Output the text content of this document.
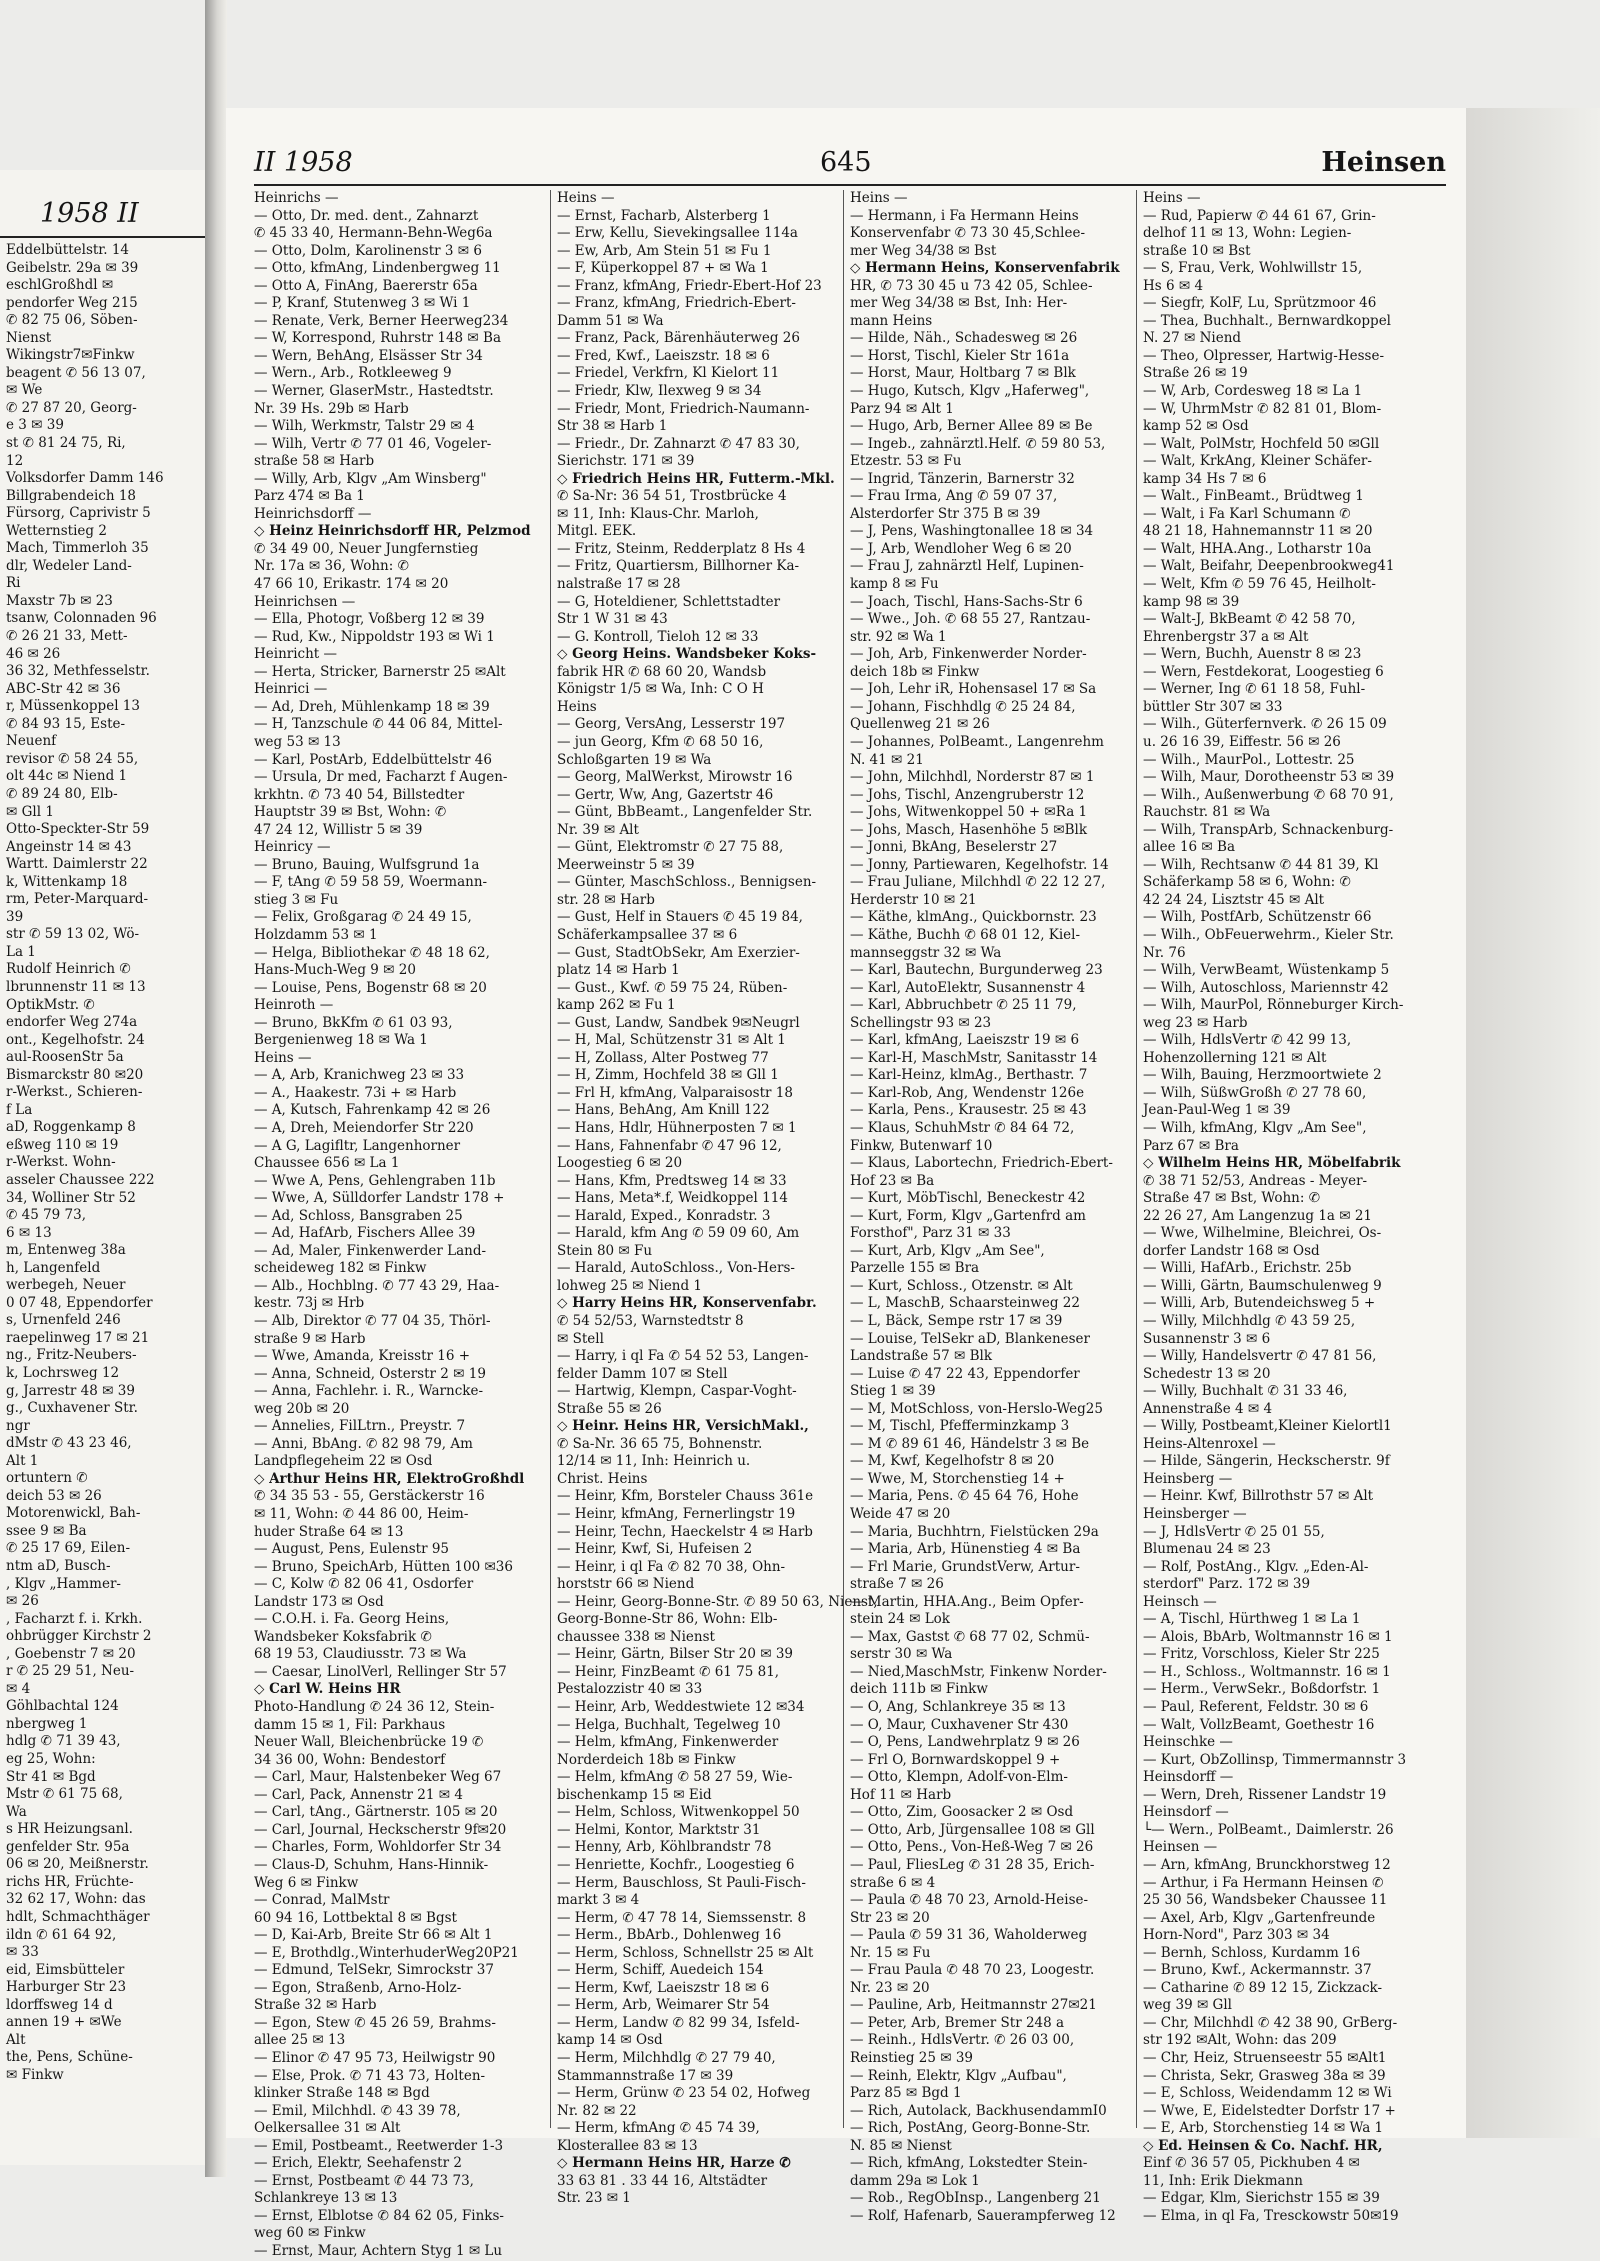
Eddelbüttelstr. 14

Geibelstr. 29a ✉ 39

eschlGroßhdl ✉

pendorfer Weg 215

✆ 82 75 06, Söben-

Nienst

Wikingstr7✉Finkw

beagent ✆ 56 13 07,

✉ We

✆ 27 87 20, Georg-

e 3 ✉ 39

st ✆ 81 24 75, Ri,

12

Volksdorfer Damm 146

Billgrabendeich 18

Fürsorg, Caprivistr 5

Wetternstieg 2

Mach, Timmerloh 35

dlr, Wedeler Land-

Ri

Maxstr 7b ✉ 23

tsanw, Colonnaden 96

✆ 26 21 33, Mett-

46 ✉ 26

36 32, Methfesselstr.

ABC-Str 42 ✉ 36

r, Müssenkoppel 13

✆ 84 93 15, Este-

Neuenf

revisor ✆ 58 24 55,

olt 44c ✉ Niend 1

✆ 89 24 80, Elb-

✉ Gll 1

Otto-Speckter-Str 59

Angeinstr 14 ✉ 43

Wartt. Daimlerstr 22

k, Wittenkamp 18

rm, Peter-Marquard-

39

str ✆ 59 13 02, Wö-

La 1

Rudolf Heinrich ✆

lbrunnenstr 11 ✉ 13

OptikMstr. ✆

endorfer Weg 274a

ont., Kegelhofstr. 24

aul-RoosenStr 5a

Bismarckstr 80 ✉20

r-Werkst., Schieren-

f La

aD, Roggenkamp 8

eßweg 110 ✉ 19

r-Werkst. Wohn-

asseler Chaussee 222

34, Wolliner Str 52

✆ 45 79 73,

6 ✉ 13

m, Entenweg 38a

h, Langenfeld

werbegeh, Neuer

0 07 48, Eppendorfer

s, Urnenfeld 246

raepelinweg 17 ✉ 21

ng., Fritz-Neubers-

k, Lochrsweg 12

g, Jarrestr 48 ✉ 39

g., Cuxhavener Str.

ngr

dMstr ✆ 43 23 46,

Alt 1

ortuntern ✆

deich 53 ✉ 26

Motorenwickl, Bah-

ssee 9 ✉ Ba

✆ 25 17 69, Eilen-

ntm aD, Busch-

, Klgv „Hammer-

✉ 26

, Facharzt f. i. Krkh.

ohbrügger Kirchstr 2

, Goebenstr 7 ✉ 20

r ✆ 25 29 51, Neu-

✉ 4

Göhlbachtal 124

nbergweg 1

hdlg ✆ 71 39 43,

eg 25, Wohn:

Str 41 ✉ Bgd

Mstr ✆ 61 75 68,

Wa

s HR Heizungsanl.

genfelder Str. 95a

06 ✉ 20, Meißnerstr.

richs HR, Früchte-

32 62 17, Wohn: das

hdlt, Schmachthäger

ildn ✆ 61 64 92,

✉ 33

eid, Eimsbütteler

Harburger Str 23

ldorffsweg 14 d

annen 19 + ✉We

Alt

the, Pens, Schüne-

✉ Finkw

1958 II
II 1958	645	Heinsen

Heinrichs —

— Otto, Dr. med. dent., Zahnarzt

✆ 45 33 40, Hermann-Behn-Weg6a

— Otto, Dolm, Karolinenstr 3 ✉ 6

— Otto, kfmAng, Lindenbergweg 11

— Otto A, FinAng, Baererstr 65a

— P, Kranf, Stutenweg 3 ✉ Wi 1

— Renate, Verk, Berner Heerweg234

— W, Korrespond, Ruhrstr 148 ✉ Ba

— Wern, BehAng, Elsässer Str 34

— Wern., Arb., Rotkleeweg 9

— Werner, GlaserMstr., Hastedtstr.

Nr. 39 Hs. 29b ✉ Harb

— Wilh, Werkmstr, Talstr 29 ✉ 4

— Wilh, Vertr ✆ 77 01 46, Vogeler-

straße 58 ✉ Harb

— Willy, Arb, Klgv „Am Winsberg"

Parz 474 ✉ Ba 1

Heinrichsdorff —

◇ Heinz Heinrichsdorff HR, Pelzmod

✆ 34 49 00, Neuer Jungfernstieg

Nr. 17a ✉ 36, Wohn: ✆

47 66 10, Erikastr. 174 ✉ 20

Heinrichsen —

— Ella, Photogr, Voßberg 12 ✉ 39

— Rud, Kw., Nippoldstr 193 ✉ Wi 1

Heinricht —

— Herta, Stricker, Barnerstr 25 ✉Alt

Heinrici —

— Ad, Dreh, Mühlenkamp 18 ✉ 39

— H, Tanzschule ✆ 44 06 84, Mittel-

weg 53 ✉ 13

— Karl, PostArb, Eddelbüttelstr 46

— Ursula, Dr med, Facharzt f Augen-

krkhtn. ✆ 73 40 54, Billstedter

Hauptstr 39 ✉ Bst, Wohn: ✆

47 24 12, Willistr 5 ✉ 39

Heinricy —

— Bruno, Bauing, Wulfsgrund 1a

— F, tAng ✆ 59 58 59, Woermann-

stieg 3 ✉ Fu

— Felix, Großgarag ✆ 24 49 15,

Holzdamm 53 ✉ 1

— Helga, Bibliothekar ✆ 48 18 62,

Hans-Much-Weg 9 ✉ 20

— Louise, Pens, Bogenstr 68 ✉ 20

Heinroth —

— Bruno, BkKfm ✆ 61 03 93,

Bergenienweg 18 ✉ Wa 1

Heins —

— A, Arb, Kranichweg 23 ✉ 33

— A., Haakestr. 73i + ✉ Harb

— A, Kutsch, Fahrenkamp 42 ✉ 26

— A, Dreh, Meiendorfer Str 220

— A G, Lagifltr, Langenhorner

Chaussee 656 ✉ La 1

— Wwe A, Pens, Gehlengraben 11b

— Wwe, A, Sülldorfer Landstr 178 +

— Ad, Schloss, Bansgraben 25

— Ad, HafArb, Fischers Allee 39

— Ad, Maler, Finkenwerder Land-

scheideweg 182 ✉ Finkw

— Alb., Hochblng. ✆ 77 43 29, Haa-

kestr. 73j ✉ Hrb

— Alb, Direktor ✆ 77 04 35, Thörl-

straße 9 ✉ Harb

— Wwe, Amanda, Kreisstr 16 +

— Anna, Schneid, Osterstr 2 ✉ 19

— Anna, Fachlehr. i. R., Warncke-

weg 20b ✉ 20

— Annelies, FilLtrn., Preystr. 7

— Anni, BbAng. ✆ 82 98 79, Am

Landpflegeheim 22 ✉ Osd

◇ Arthur Heins HR, ElektroGroßhdl

✆ 34 35 53 - 55, Gerstäckerstr 16

✉ 11, Wohn: ✆ 44 86 00, Heim-

huder Straße 64 ✉ 13

— August, Pens, Eulenstr 95

— Bruno, SpeichArb, Hütten 100 ✉36

— C, Kolw ✆ 82 06 41, Osdorfer

Landstr 173 ✉ Osd

— C.O.H. i. Fa. Georg Heins,

Wandsbeker Koksfabrik ✆

68 19 53, Claudiusstr. 73 ✉ Wa

— Caesar, LinolVerl, Rellinger Str 57

◇ Carl W. Heins HR

Photo-Handlung ✆ 24 36 12, Stein-

damm 15 ✉ 1, Fil: Parkhaus

Neuer Wall, Bleichenbrücke 19 ✆

34 36 00, Wohn: Bendestorf

— Carl, Maur, Halstenbeker Weg 67

— Carl, Pack, Annenstr 21 ✉ 4

— Carl, tAng., Gärtnerstr. 105 ✉ 20

— Carl, Journal, Heckscherstr 9f✉20

— Charles, Form, Wohldorfer Str 34

— Claus-D, Schuhm, Hans-Hinnik-

Weg 6 ✉ Finkw

— Conrad, MalMstr

60 94 16, Lottbektal 8 ✉ Bgst

— D, Kai-Arb, Breite Str 66 ✉ Alt 1

— E, Brothdlg.,WinterhuderWeg20P21

— Edmund, TelSekr, Simrockstr 37

— Egon, Straßenb, Arno-Holz-

Straße 32 ✉ Harb

— Egon, Stew ✆ 45 26 59, Brahms-

allee 25 ✉ 13

— Elinor ✆ 47 95 73, Heilwigstr 90

— Else, Prok. ✆ 71 43 73, Holten-

klinker Straße 148 ✉ Bgd

— Emil, Milchhdl. ✆ 43 39 78,

Oelkersallee 31 ✉ Alt

— Emil, Postbeamt., Reetwerder 1-3

— Erich, Elektr, Seehafenstr 2

— Ernst, Postbeamt ✆ 44 73 73,

Schlankreye 13 ✉ 13

— Ernst, Elblotse ✆ 84 62 05, Finks-

weg 60 ✉ Finkw

— Ernst, Maur, Achtern Styg 1 ✉ Lu

Heins —

— Ernst, Facharb, Alsterberg 1

— Erw, Kellu, Sievekingsallee 114a

— Ew, Arb, Am Stein 51 ✉ Fu 1

— F, Küperkoppel 87 + ✉ Wa 1

— Franz, kfmAng, Friedr-Ebert-Hof 23

— Franz, kfmAng, Friedrich-Ebert-

Damm 51 ✉ Wa

— Franz, Pack, Bärenhäuterweg 26

— Fred, Kwf., Laeiszstr. 18 ✉ 6

— Friedel, Verkfrn, Kl Kielort 11

— Friedr, Klw, Ilexweg 9 ✉ 34

— Friedr, Mont, Friedrich-Naumann-

Str 38 ✉ Harb 1

— Friedr., Dr. Zahnarzt ✆ 47 83 30,

Sierichstr. 171 ✉ 39

◇ Friedrich Heins HR, Futterm.-Mkl.

✆ Sa-Nr: 36 54 51, Trostbrücke 4

✉ 11, Inh: Klaus-Chr. Marloh,

Mitgl. EEK.

— Fritz, Steinm, Redderplatz 8 Hs 4

— Fritz, Quartiersm, Billhorner Ka-

nalstraße 17 ✉ 28

— G, Hoteldiener, Schlettstadter

Str 1 W 31 ✉ 43

— G. Kontroll, Tieloh 12 ✉ 33

◇ Georg Heins. Wandsbeker Koks-

fabrik HR ✆ 68 60 20, Wandsb

Königstr 1/5 ✉ Wa, Inh: C O H

Heins

— Georg, VersAng, Lesserstr 197

— jun Georg, Kfm ✆ 68 50 16,

Schloßgarten 19 ✉ Wa

— Georg, MalWerkst, Mirowstr 16

— Gertr, Ww, Ang, Gazertstr 46

— Günt, BbBeamt., Langenfelder Str.

Nr. 39 ✉ Alt

— Günt, Elektromstr ✆ 27 75 88,

Meerweinstr 5 ✉ 39

— Günter, MaschSchloss., Bennigsen-

str. 28 ✉ Harb

— Gust, Helf in Stauers ✆ 45 19 84,

Schäferkampsallee 37 ✉ 6

— Gust, StadtObSekr, Am Exerzier-

platz 14 ✉ Harb 1

— Gust., Kwf. ✆ 59 75 24, Rüben-

kamp 262 ✉ Fu 1

— Gust, Landw, Sandbek 9✉Neugrl

— H, Mal, Schützenstr 31 ✉ Alt 1

— H, Zollass, Alter Postweg 77

— H, Zimm, Hochfeld 38 ✉ Gll 1

— Frl H, kfmAng, Valparaisostr 18

— Hans, BehAng, Am Knill 122

— Hans, Hdlr, Hühnerposten 7 ✉ 1

— Hans, Fahnenfabr ✆ 47 96 12,

Loogestieg 6 ✉ 20

— Hans, Kfm, Predtsweg 14 ✉ 33

— Hans, Meta*.f, Weidkoppel 114

— Harald, Exped., Konradstr. 3

— Harald, kfm Ang ✆ 59 09 60, Am

Stein 80 ✉ Fu

— Harald, AutoSchloss., Von-Hers-

lohweg 25 ✉ Niend 1

◇ Harry Heins HR, Konservenfabr.

✆ 54 52/53, Warnstedtstr 8

✉ Stell

— Harry, i ql Fa ✆ 54 52 53, Langen-

felder Damm 107 ✉ Stell

— Hartwig, Klempn, Caspar-Voght-

Straße 55 ✉ 26

◇ Heinr. Heins HR, VersichMakl.,

✆ Sa-Nr. 36 65 75, Bohnenstr.

12/14 ✉ 11, Inh: Heinrich u.

Christ. Heins

— Heinr, Kfm, Borsteler Chauss 361e

— Heinr, kfmAng, Fernerlingstr 19

— Heinr, Techn, Haeckelstr 4 ✉ Harb

— Heinr, Kwf, Si, Hufeisen 2

— Heinr, i ql Fa ✆ 82 70 38, Ohn-

horststr 66 ✉ Niend

— Heinr, Georg-Bonne-Str. ✆ 89 50 63, Nienst,

Georg-Bonne-Str 86, Wohn: Elb-

chaussee 338 ✉ Nienst

— Heinr, Gärtn, Bilser Str 20 ✉ 39

— Heinr, FinzBeamt ✆ 61 75 81,

Pestalozzistr 40 ✉ 33

— Heinr, Arb, Weddestwiete 12 ✉34

— Helga, Buchhalt, Tegelweg 10

— Helm, kfmAng, Finkenwerder

Norderdeich 18b ✉ Finkw

— Helm, kfmAng ✆ 58 27 59, Wie-

bischenkamp 15 ✉ Eid

— Helm, Schloss, Witwenkoppel 50

— Helmi, Kontor, Marktstr 31

— Henny, Arb, Köhlbrandstr 78

— Henriette, Kochfr., Loogestieg 6

— Herm, Bauschloss, St Pauli-Fisch-

markt 3 ✉ 4

— Herm, ✆ 47 78 14, Siemssenstr. 8

— Herm., BbArb., Dohlenweg 16

— Herm, Schloss, Schnellstr 25 ✉ Alt

— Herm, Schiff, Auedeich 154

— Herm, Kwf, Laeiszstr 18 ✉ 6

— Herm, Arb, Weimarer Str 54

— Herm, Landw ✆ 82 99 34, Isfeld-

kamp 14 ✉ Osd

— Herm, Milchhdlg ✆ 27 79 40,

Stammannstraße 17 ✉ 39

— Herm, Grünw ✆ 23 54 02, Hofweg

Nr. 82 ✉ 22

— Herm, kfmAng ✆ 45 74 39,

Klosterallee 83 ✉ 13

◇ Hermann Heins HR, Harze ✆

33 63 81 . 33 44 16, Altstädter

Str. 23 ✉ 1

Heins —

— Hermann, i Fa Hermann Heins

Konservenfabr ✆ 73 30 45,Schlee-

mer Weg 34/38 ✉ Bst

◇ Hermann Heins, Konservenfabrik

HR, ✆ 73 30 45 u 73 42 05, Schlee-

mer Weg 34/38 ✉ Bst, Inh: Her-

mann Heins

— Hilde, Näh., Schadesweg ✉ 26

— Horst, Tischl, Kieler Str 161a

— Horst, Maur, Holtbarg 7 ✉ Blk

— Hugo, Kutsch, Klgv „Haferweg",

Parz 94 ✉ Alt 1

— Hugo, Arb, Berner Allee 89 ✉ Be

— Ingeb., zahnärztl.Helf. ✆ 59 80 53,

Etzestr. 53 ✉ Fu

— Ingrid, Tänzerin, Barnerstr 32

— Frau Irma, Ang ✆ 59 07 37,

Alsterdorfer Str 375 B ✉ 39

— J, Pens, Washingtonallee 18 ✉ 34

— J, Arb, Wendloher Weg 6 ✉ 20

— Frau J, zahnärztl Helf, Lupinen-

kamp 8 ✉ Fu

— Joach, Tischl, Hans-Sachs-Str 6

— Wwe., Joh. ✆ 68 55 27, Rantzau-

str. 92 ✉ Wa 1

— Joh, Arb, Finkenwerder Norder-

deich 18b ✉ Finkw

— Joh, Lehr iR, Hohensasel 17 ✉ Sa

— Johann, Fischhdlg ✆ 25 24 84,

Quellenweg 21 ✉ 26

— Johannes, PolBeamt., Langenrehm

N. 41 ✉ 21

— John, Milchhdl, Norderstr 87 ✉ 1

— Johs, Tischl, Anzengruberstr 12

— Johs, Witwenkoppel 50 + ✉Ra 1

— Johs, Masch, Hasenhöhe 5 ✉Blk

— Jonni, BkAng, Beselerstr 27

— Jonny, Partiewaren, Kegelhofstr. 14

— Frau Juliane, Milchhdl ✆ 22 12 27,

Herderstr 10 ✉ 21

— Käthe, klmAng., Quickbornstr. 23

— Käthe, Buchh ✆ 68 01 12, Kiel-

mannseggstr 32 ✉ Wa

— Karl, Bautechn, Burgunderweg 23

— Karl, AutoElektr, Susannenstr 4

— Karl, Abbruchbetr ✆ 25 11 79,

Schellingstr 93 ✉ 23

— Karl, kfmAng, Laeiszstr 19 ✉ 6

— Karl-H, MaschMstr, Sanitasstr 14

— Karl-Heinz, klmAg., Berthastr. 7

— Karl-Rob, Ang, Wendenstr 126e

— Karla, Pens., Krausestr. 25 ✉ 43

— Klaus, SchuhMstr ✆ 84 64 72,

Finkw, Butenwarf 10

— Klaus, Labortechn, Friedrich-Ebert-

Hof 23 ✉ Ba

— Kurt, MöbTischl, Beneckestr 42

— Kurt, Form, Klgv „Gartenfrd am

Forsthof", Parz 31 ✉ 33

— Kurt, Arb, Klgv „Am See",

Parzelle 155 ✉ Bra

— Kurt, Schloss., Otzenstr. ✉ Alt

— L, MaschB, Schaarsteinweg 22

— L, Bäck, Sempe rstr 17 ✉ 39

— Louise, TelSekr aD, Blankeneser

Landstraße 57 ✉ Blk

— Luise ✆ 47 22 43, Eppendorfer

Stieg 1 ✉ 39

— M, MotSchloss, von-Herslo-Weg25

— M, Tischl, Pfefferminzkamp 3

— M ✆ 89 61 46, Händelstr 3 ✉ Be

— M, Kwf, Kegelhofstr 8 ✉ 20

— Wwe, M, Storchenstieg 14 +

— Maria, Pens. ✆ 45 64 76, Hohe

Weide 47 ✉ 20

— Maria, Buchhtrn, Fielstücken 29a

— Maria, Arb, Hünenstieg 4 ✉ Ba

— Frl Marie, GrundstVerw, Artur-

straße 7 ✉ 26

— Martin, HHA.Ang., Beim Opfer-

stein 24 ✉ Lok

— Max, Gastst ✆ 68 77 02, Schmü-

serstr 30 ✉ Wa

— Nied,MaschMstr, Finkenw Norder-

deich 111b ✉ Finkw

— O, Ang, Schlankreye 35 ✉ 13

— O, Maur, Cuxhavener Str 430

— O, Pens, Landwehrplatz 9 ✉ 26

— Frl O, Bornwardskoppel 9 +

— Otto, Klempn, Adolf-von-Elm-

Hof 11 ✉ Harb

— Otto, Zim, Goosacker 2 ✉ Osd

— Otto, Arb, Jürgensallee 108 ✉ Gll

— Otto, Pens., Von-Heß-Weg 7 ✉ 26

— Paul, FliesLeg ✆ 31 28 35, Erich-

straße 6 ✉ 4

— Paula ✆ 48 70 23, Arnold-Heise-

Str 23 ✉ 20

— Paula ✆ 59 31 36, Waholderweg

Nr. 15 ✉ Fu

— Frau Paula ✆ 48 70 23, Loogestr.

Nr. 23 ✉ 20

— Pauline, Arb, Heitmannstr 27✉21

— Peter, Arb, Bremer Str 248 a

— Reinh., HdlsVertr. ✆ 26 03 00,

Reinstieg 25 ✉ 39

— Reinh, Elektr, Klgv „Aufbau",

Parz 85 ✉ Bgd 1

— Rich, Autolack, BackhusendammI0

— Rich, PostAng, Georg-Bonne-Str.

N. 85 ✉ Nienst

— Rich, kfmAng, Lokstedter Stein-

damm 29a ✉ Lok 1

— Rob., RegObInsp., Langenberg 21

— Rolf, Hafenarb, Sauerampferweg 12

Heins —

— Rud, Papierw ✆ 44 61 67, Grin-

delhof 11 ✉ 13, Wohn: Legien-

straße 10 ✉ Bst

— S, Frau, Verk, Wohlwillstr 15,

Hs 6 ✉ 4

— Siegfr, KolF, Lu, Sprützmoor 46

— Thea, Buchhalt., Bernwardkoppel

N. 27 ✉ Niend

— Theo, Olpresser, Hartwig-Hesse-

Straße 26 ✉ 19

— W, Arb, Cordesweg 18 ✉ La 1

— W, UhrmMstr ✆ 82 81 01, Blom-

kamp 52 ✉ Osd

— Walt, PolMstr, Hochfeld 50 ✉Gll

— Walt, KrkAng, Kleiner Schäfer-

kamp 34 Hs 7 ✉ 6

— Walt., FinBeamt., Brüdtweg 1

— Walt, i Fa Karl Schumann ✆

48 21 18, Hahnemannstr 11 ✉ 20

— Walt, HHA.Ang., Lotharstr 10a

— Walt, Beifahr, Deepenbrookweg41

— Welt, Kfm ✆ 59 76 45, Heilholt-

kamp 98 ✉ 39

— Walt-J, BkBeamt ✆ 42 58 70,

Ehrenbergstr 37 a ✉ Alt

— Wern, Buchh, Auenstr 8 ✉ 23

— Wern, Festdekorat, Loogestieg 6

— Werner, Ing ✆ 61 18 58, Fuhl-

büttler Str 307 ✉ 33

— Wilh., Güterfernverk. ✆ 26 15 09

u. 26 16 39, Eiffestr. 56 ✉ 26

— Wilh., MaurPol., Lottestr. 25

— Wilh, Maur, Dorotheenstr 53 ✉ 39

— Wilh., Außenwerbung ✆ 68 70 91,

Rauchstr. 81 ✉ Wa

— Wilh, TranspArb, Schnackenburg-

allee 16 ✉ Ba

— Wilh, Rechtsanw ✆ 44 81 39, Kl

Schäferkamp 58 ✉ 6, Wohn: ✆

42 24 24, Lisztstr 45 ✉ Alt

— Wilh, PostfArb, Schützenstr 66

— Wilh., ObFeuerwehrm., Kieler Str.

Nr. 76

— Wilh, VerwBeamt, Wüstenkamp 5

— Wilh, Autoschloss, Mariennstr 42

— Wilh, MaurPol, Rönneburger Kirch-

weg 23 ✉ Harb

— Wilh, HdlsVertr ✆ 42 99 13,

Hohenzollerning 121 ✉ Alt

— Wilh, Bauing, Herzmoortwiete 2

— Wilh, SüßwGroßh ✆ 27 78 60,

Jean-Paul-Weg 1 ✉ 39

— Wilh, kfmAng, Klgv „Am See",

Parz 67 ✉ Bra

◇ Wilhelm Heins HR, Möbelfabrik

✆ 38 71 52/53, Andreas - Meyer-

Straße 47 ✉ Bst, Wohn: ✆

22 26 27, Am Langenzug 1a ✉ 21

— Wwe, Wilhelmine, Bleichrei, Os-

dorfer Landstr 168 ✉ Osd

— Willi, HafArb., Erichstr. 25b

— Willi, Gärtn, Baumschulenweg 9

— Willi, Arb, Butendeichsweg 5 +

— Willy, Milchhdlg ✆ 43 59 25,

Susannenstr 3 ✉ 6

— Willy, Handelsvertr ✆ 47 81 56,

Schedestr 13 ✉ 20

— Willy, Buchhalt ✆ 31 33 46,

Annenstraße 4 ✉ 4

— Willy, Postbeamt,Kleiner Kielortl1

Heins-Altenroxel —

— Hilde, Sängerin, Heckscherstr. 9f

Heinsberg —

— Heinr. Kwf, Billrothstr 57 ✉ Alt

Heinsberger —

— J, HdlsVertr ✆ 25 01 55,

Blumenau 24 ✉ 23

— Rolf, PostAng., Klgv. „Eden-Al-

sterdorf" Parz. 172 ✉ 39

Heinsch —

— A, Tischl, Hürthweg 1 ✉ La 1

— Alois, BbArb, Woltmannstr 16 ✉ 1

— Fritz, Vorschloss, Kieler Str 225

— H., Schloss., Woltmannstr. 16 ✉ 1

— Herm., VerwSekr., Boßdorfstr. 1

— Paul, Referent, Feldstr. 30 ✉ 6

— Walt, VollzBeamt, Goethestr 16

Heinschke —

— Kurt, ObZollinsp, Timmermannstr 3

Heinsdorff —

— Wern, Dreh, Rissener Landstr 19

Heinsdorf —

└— Wern., PolBeamt., Daimlerstr. 26

Heinsen —

— Arn, kfmAng, Brunckhorstweg 12

— Arthur, i Fa Hermann Heinsen ✆

25 30 56, Wandsbeker Chaussee 11

— Axel, Arb, Klgv „Gartenfreunde

Horn-Nord", Parz 303 ✉ 34

— Bernh, Schloss, Kurdamm 16

— Bruno, Kwf., Ackermannstr. 37

— Catharine ✆ 89 12 15, Zickzack-

weg 39 ✉ Gll

— Chr, Milchhdl ✆ 42 38 90, GrBerg-

str 192 ✉Alt, Wohn: das 209

— Chr, Heiz, Struenseestr 55 ✉Alt1

— Christa, Sekr, Grasweg 38a ✉ 39

— E, Schloss, Weidendamm 12 ✉ Wi

— Wwe, E, Eidelstedter Dorfstr 17 +

— E, Arb, Storchenstieg 14 ✉ Wa 1

◇ Ed. Heinsen & Co. Nachf. HR,

Einf ✆ 36 57 05, Pickhuben 4 ✉

11, Inh: Erik Diekmann

— Edgar, Klm, Sierichstr 155 ✉ 39

— Elma, in ql Fa, Tresckowstr 50✉19
